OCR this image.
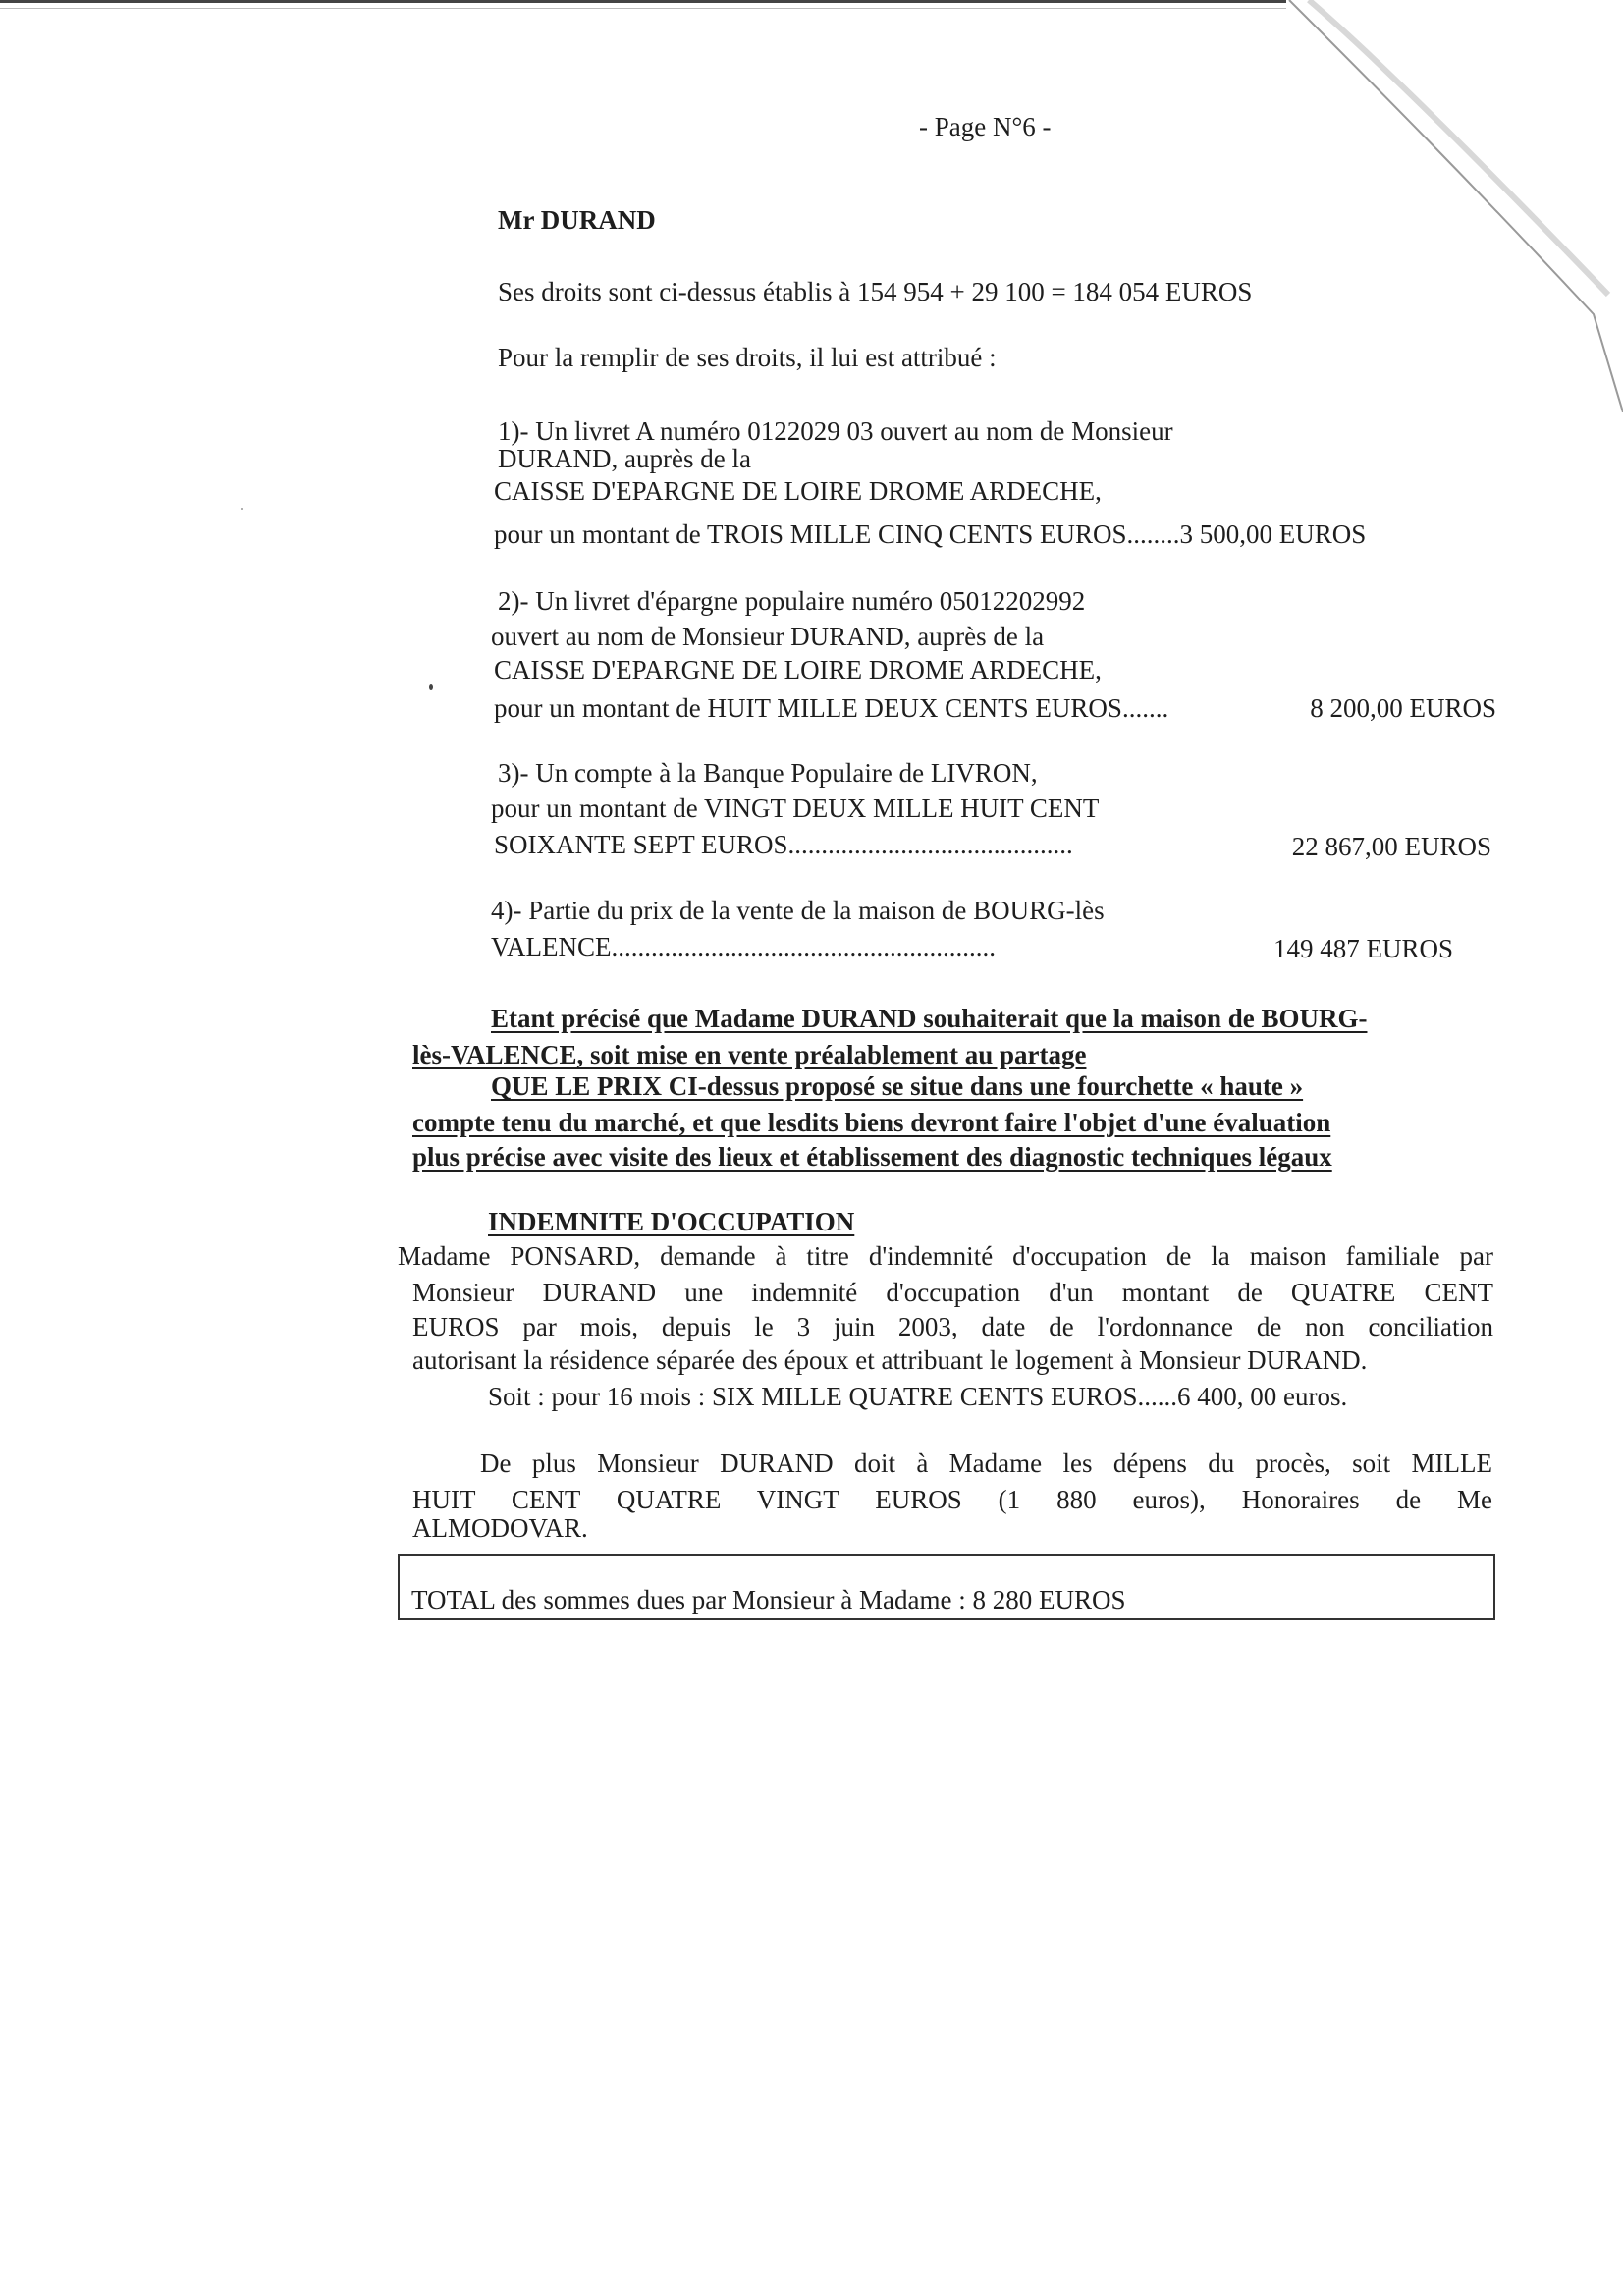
- Page N°6 -
Mr DURAND
Ses droits sont ci-dessus établis à 154 954 + 29 100 = 184 054 EUROS
Pour la remplir de ses droits, il lui est attribué :
1)- Un livret A numéro 0122029 03 ouvert au nom de Monsieur
DURAND, auprès de la
CAISSE D'EPARGNE DE LOIRE DROME ARDECHE,
pour un montant de TROIS MILLE CINQ CENTS EUROS........3 500,00 EUROS
2)- Un livret d'épargne populaire numéro 05012202992
ouvert au nom de Monsieur DURAND, auprès de la
CAISSE D'EPARGNE DE LOIRE DROME ARDECHE,
pour un montant de HUIT MILLE DEUX CENTS EUROS.......	8 200,00 EUROS
3)- Un compte à la Banque Populaire de LIVRON,
pour un montant de VINGT DEUX MILLE HUIT CENT
SOIXANTE SEPT EUROS...........................................	22 867,00 EUROS
4)- Partie du prix de la vente de la maison de BOURG-lès
VALENCE..........................................................	149 487 EUROS
Etant précisé que Madame DURAND souhaiterait que la maison de BOURG-
lès-VALENCE, soit mise en vente préalablement au partage
QUE LE PRIX CI-dessus proposé se situe dans une fourchette « haute »
compte tenu du marché, et que lesdits biens devront faire l'objet d'une évaluation
plus précise avec visite des lieux et établissement des diagnostic techniques légaux
INDEMNITE D'OCCUPATION
Madame PONSARD, demande à titre d'indemnité d'occupation de la maison familiale par
Monsieur DURAND une indemnité d'occupation d'un montant de QUATRE CENT
EUROS par mois, depuis le 3 juin 2003, date de l'ordonnance de non conciliation
autorisant la résidence séparée des époux et attribuant le logement à Monsieur DURAND.
Soit : pour 16 mois : SIX MILLE QUATRE CENTS EUROS......6 400, 00 euros.
De plus Monsieur DURAND doit à Madame les dépens du procès, soit MILLE
HUIT CENT QUATRE VINGT EUROS (1 880 euros), Honoraires de Me
ALMODOVAR.
TOTAL des sommes dues par Monsieur à Madame : 8 280 EUROS
